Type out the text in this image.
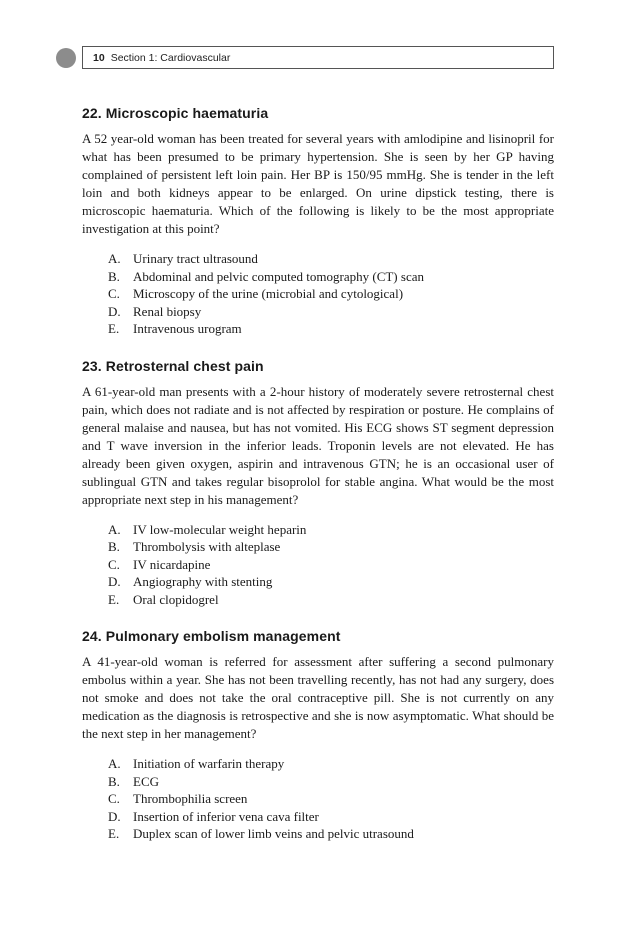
10 Section 1: Cardiovascular
22. Microscopic haematuria

A 52 year-old woman has been treated for several years with amlodipine and lisinopril for what has been presumed to be primary hypertension. She is seen by her GP having complained of persistent left loin pain. Her BP is 150/95 mmHg. She is tender in the left loin and both kidneys appear to be enlarged. On urine dipstick testing, there is microscopic haematuria. Which of the following is likely to be the most appropriate investigation at this point?

A. Urinary tract ultrasound
B.	Abdominal and pelvic computed tomography (CT) scan
C.	Microscopy of the urine (microbial and cytological)
D. Renal biopsy
E.	Intravenous urogram
23. Retrosternal chest pain

A 61-year-old man presents with a 2-hour history of moderately severe retrosternal chest pain, which does not radiate and is not affected by respiration or posture. He complains of general malaise and nausea, but has not vomited. His ECG shows ST segment depression and T wave inversion in the inferior leads. Troponin levels are not elevated. He has already been given oxygen, aspirin and intravenous GTN; he is an occasional user of sublingual GTN and takes regular bisoprolol for stable angina. What would be the most appropriate next step in his management?

A. IV low-molecular weight heparin
B.	Thrombolysis with alteplase
C.	IV nicardapine
D. Angiography with stenting
E.	Oral clopidogrel
24. Pulmonary embolism management

A 41-year-old woman is referred for assessment after suffering a second pulmonary embolus within a year. She has not been travelling recently, has not had any surgery, does not smoke and does not take the oral contraceptive pill. She is not currently on any medication as the diagnosis is retrospective and she is now asymptomatic. What should be the next step in her management?

A. Initiation of warfarin therapy
B.	ECG
C.	Thrombophilia screen
D. Insertion of inferior vena cava filter
E.	Duplex scan of lower limb veins and pelvic utrasound
